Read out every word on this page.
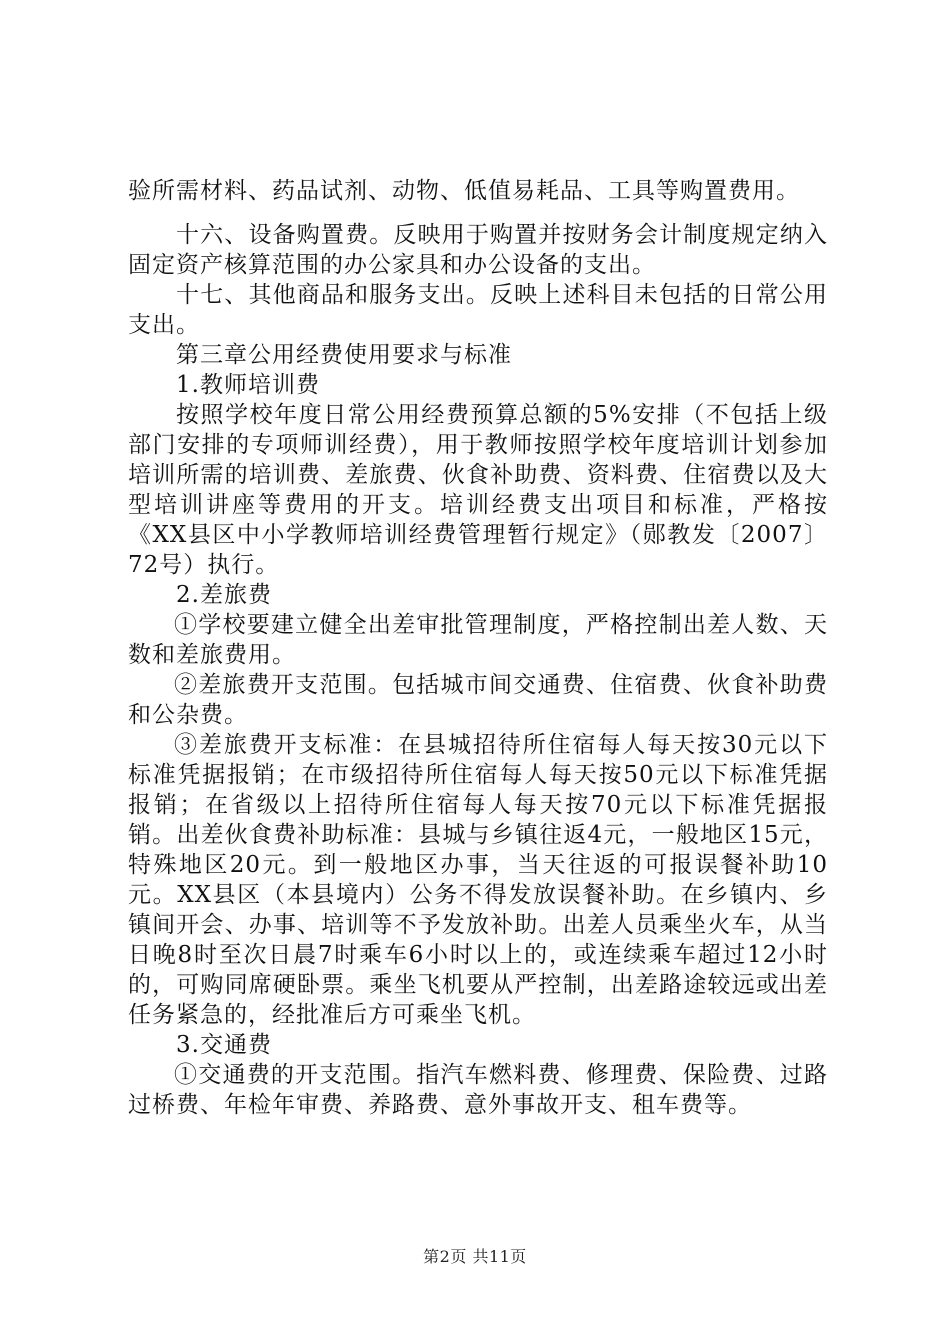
验所需材料、药品试剂、动物、低值易耗品、工具等购置费用。

十六、设备购置费。反映用于购置并按财务会计制度规定纳入固定资产核算范围的办公家具和办公设备的支出。

十七、其他商品和服务支出。反映上述科目未包括的日常公用支出。

第三章公用经费使用要求与标准

1.教师培训费

按照学校年度日常公用经费预算总额的5%安排（不包括上级部门安排的专项师训经费），用于教师按照学校年度培训计划参加培训所需的培训费、差旅费、伙食补助费、资料费、住宿费以及大型培训讲座等费用的开支。培训经费支出项目和标准，严格按《XX县区中小学教师培训经费管理暂行规定》（郧教发〔2007〕72号）执行。

2.差旅费

①学校要建立健全出差审批管理制度，严格控制出差人数、天数和差旅费用。

②差旅费开支范围。包括城市间交通费、住宿费、伙食补助费和公杂费。

③差旅费开支标准：在县城招待所住宿每人每天按30元以下标准凭据报销；在市级招待所住宿每人每天按50元以下标准凭据报销；在省级以上招待所住宿每人每天按70元以下标准凭据报销。出差伙食费补助标准：县城与乡镇往返4元，一般地区15元，特殊地区20元。到一般地区办事，当天往返的可报误餐补助10元。XX县区（本县境内）公务不得发放误餐补助。在乡镇内、乡镇间开会、办事、培训等不予发放补助。出差人员乘坐火车，从当日晚8时至次日晨7时乘车6小时以上的，或连续乘车超过12小时的，可购同席硬卧票。乘坐飞机要从严控制，出差路途较远或出差任务紧急的，经批准后方可乘坐飞机。

3.交通费

①交通费的开支范围。指汽车燃料费、修理费、保险费、过路过桥费、年检年审费、养路费、意外事故开支、租车费等。

第2页 共11页
